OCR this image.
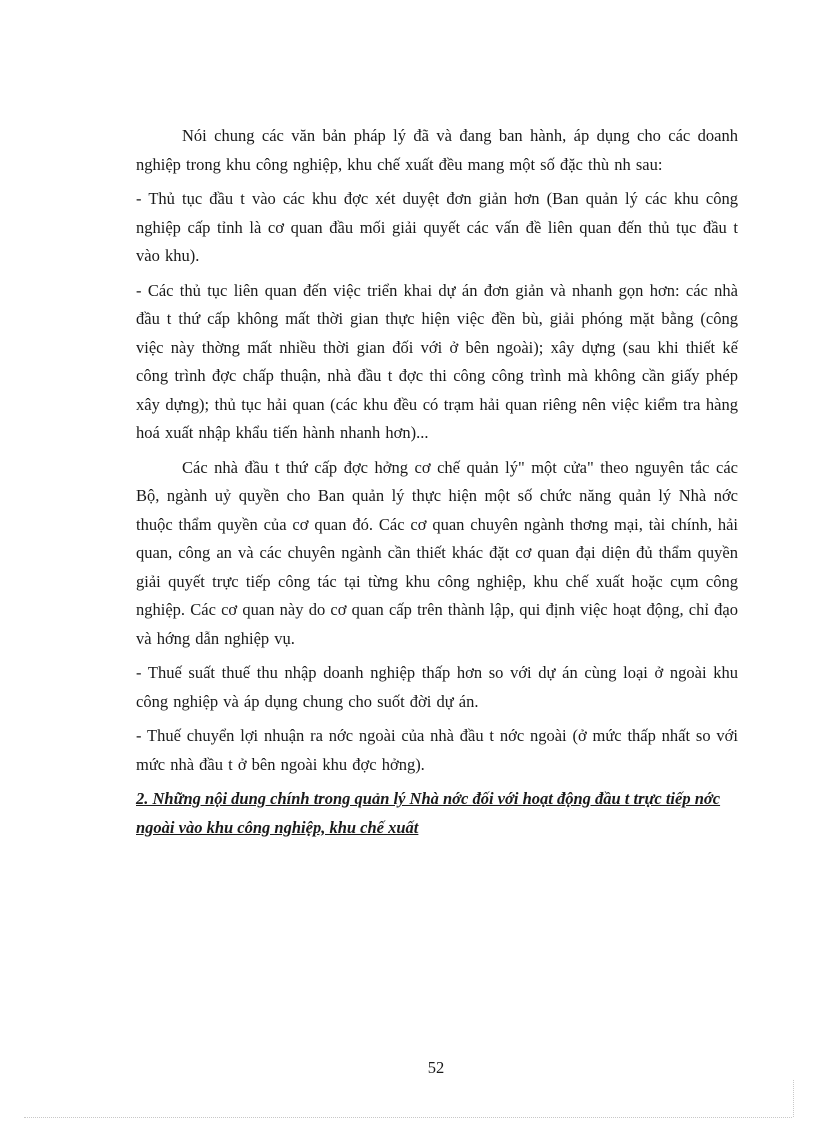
Nói chung các văn bản pháp lý đã và đang ban hành, áp dụng cho các doanh nghiệp trong khu công nghiệp, khu chế xuất đều mang một số đặc thù nh sau:

- Thủ tục đầu t vào các khu đợc xét duyệt đơn giản hơn (Ban quản lý các khu công nghiệp cấp tỉnh là cơ quan đầu mối giải quyết các vấn đề liên quan đến thủ tục đầu t vào khu).

- Các thủ tục liên quan đến việc triển khai dự án đơn giản và nhanh gọn hơn: các nhà đầu t thứ cấp không mất thời gian thực hiện việc đền bù, giải phóng mặt bằng (công việc này thờng mất nhiều thời gian đối với ở bên ngoài); xây dựng (sau khi thiết kế công trình đợc chấp thuận, nhà đầu t đợc thi công công trình mà không cần giấy phép xây dựng); thủ tục hải quan (các khu đều có trạm hải quan riêng nên việc kiểm tra hàng hoá xuất nhập khẩu tiến hành nhanh hơn)...

Các nhà đầu t thứ cấp đợc hởng cơ chế quản lý" một cửa" theo nguyên tắc các Bộ, ngành uỷ quyền cho Ban quản lý thực hiện một số chức năng quản lý Nhà nớc thuộc thẩm quyền của cơ quan đó. Các cơ quan chuyên ngành thơng mại, tài chính, hải quan, công an và các chuyên ngành cần thiết khác đặt cơ quan đại diện đủ thẩm quyền giải quyết trực tiếp công tác tại từng khu công nghiệp, khu chế xuất hoặc cụm công nghiệp. Các cơ quan này do cơ quan cấp trên thành lập, qui định việc hoạt động, chỉ đạo và hớng dẫn nghiệp vụ.

- Thuế suất thuế thu nhập doanh nghiệp thấp hơn so với dự án cùng loại ở ngoài khu công nghiệp và áp dụng chung cho suốt đời dự án.

- Thuế chuyển lợi nhuận ra nớc ngoài của nhà đầu t nớc ngoài (ở mức thấp nhất so với mức nhà đầu t ở bên ngoài khu đợc hởng).

2. Những nội dung chính trong quản lý Nhà nớc đối với hoạt động đầu t trực tiếp nớc ngoài vào khu công nghiệp, khu chế xuất

52
